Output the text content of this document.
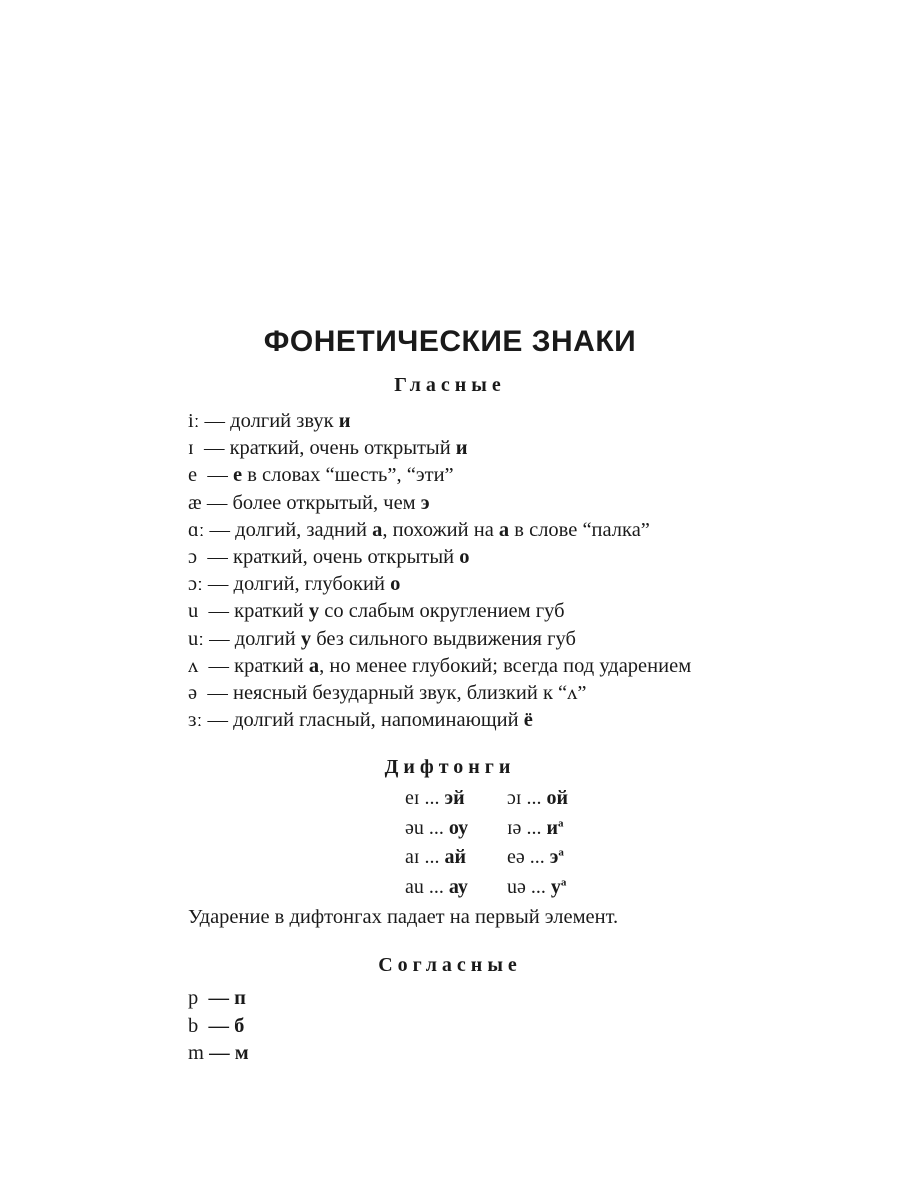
ФОНЕТИЧЕСКИЕ ЗНАКИ
Гласные
iː — долгий звук и
ɪ  — краткий, очень открытый и
e  — е в словах “шесть”, “эти”
æ — более открытый, чем э
ɑː — долгий, задний а, похожий на а в слове “палка”
ɔ  — краткий, очень открытый о
ɔː — долгий, глубокий о
u  — краткий у со слабым округлением губ
uː — долгий у без сильного выдвижения губ
ʌ  — краткий а, но менее глубокий; всегда под ударением
ə  — неясный безударный звук, близкий к “ʌ”
ɜː — долгий гласный, напоминающий ё
Дифтонги
eɪ ... эй ɔɪ ... ой
əu ... оу ɪə ... $и^а$
aɪ ... ай eə ... $э^а$
au ... ау uə ... $у^а$

Ударение в дифтонгах падает на первый элемент.

Согласные
p  — п
b  — б
m — м
